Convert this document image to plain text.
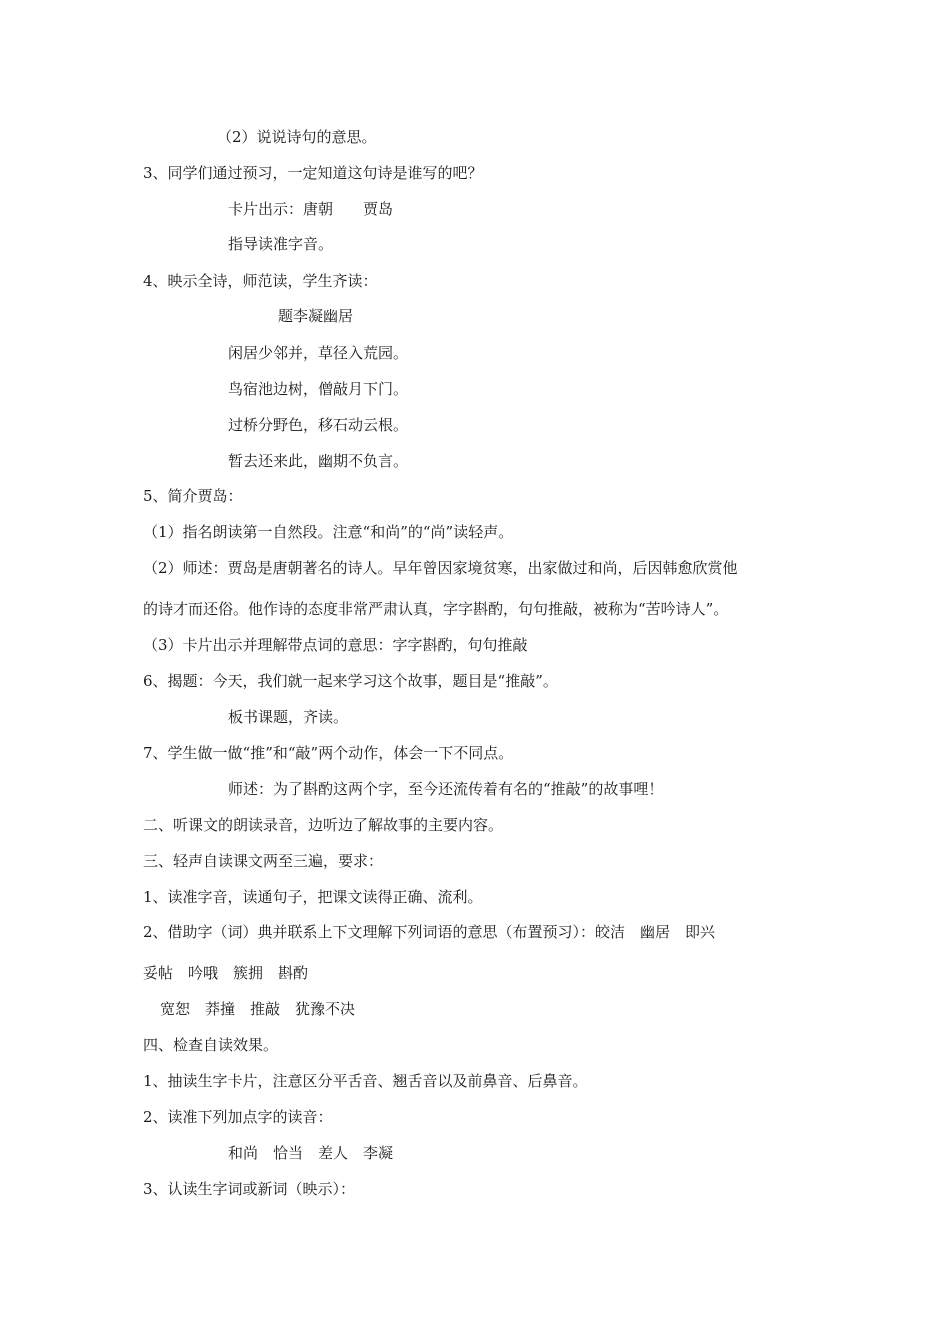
（2）说说诗句的意思。
3、同学们通过预习，一定知道这句诗是谁写的吧？
卡片出示：唐朝　　贾岛
指导读准字音。
4、映示全诗，师范读，学生齐读：
题李凝幽居
闲居少邻并，草径入荒园。
鸟宿池边树，僧敲月下门。
过桥分野色，移石动云根。
暂去还来此，幽期不负言。
5、简介贾岛：
（1）指名朗读第一自然段。注意“和尚”的“尚”读轻声。
（2）师述：贾岛是唐朝著名的诗人。早年曾因家境贫寒，出家做过和尚，后因韩愈欣赏他
的诗才而还俗。他作诗的态度非常严肃认真，字字斟酌，句句推敲，被称为“苦吟诗人”。
（3）卡片出示并理解带点词的意思：字字斟酌，句句推敲
6、揭题：今天，我们就一起来学习这个故事，题目是“推敲”。
板书课题，齐读。
7、学生做一做“推”和“敲”两个动作，体会一下不同点。
师述：为了斟酌这两个字，至今还流传着有名的“推敲”的故事哩！
二、听课文的朗读录音，边听边了解故事的主要内容。
三、轻声自读课文两至三遍，要求：
1、读准字音，读通句子，把课文读得正确、流利。
2、借助字（词）典并联系上下文理解下列词语的意思（布置预习）：皎洁　幽居　即兴
妥帖　吟哦　簇拥　斟酌
宽恕　莽撞　推敲　犹豫不决
四、检查自读效果。
1、抽读生字卡片，注意区分平舌音、翘舌音以及前鼻音、后鼻音。
2、读准下列加点字的读音：
和尚　恰当　差人　李凝
3、认读生字词或新词（映示）：
